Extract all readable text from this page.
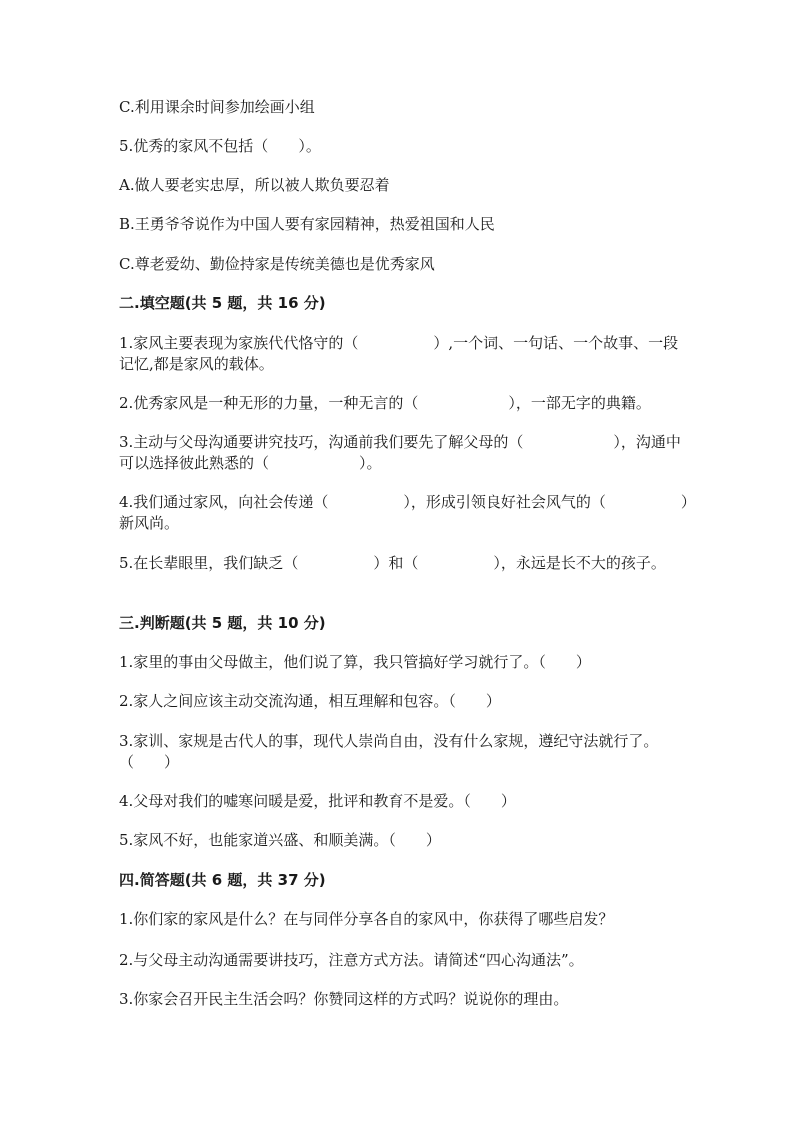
C.利用课余时间参加绘画小组
5.优秀的家风不包括（　　）。
A.做人要老实忠厚，所以被人欺负要忍着
B.王勇爷爷说作为中国人要有家园精神，热爱祖国和人民
C.尊老爱幼、勤俭持家是传统美德也是优秀家风
二.填空题(共 5 题，共 16 分)
1.家风主要表现为家族代代恪守的（　　　　　）,一个词、一句话、一个故事、一段记忆,都是家风的载体。
2.优秀家风是一种无形的力量，一种无言的（　　　　　　），一部无字的典籍。
3.主动与父母沟通要讲究技巧，沟通前我们要先了解父母的（　　　　　　），沟通中可以选择彼此熟悉的（　　　　　　）。
4.我们通过家风，向社会传递（　　　　　），形成引领良好社会风气的（　　　　　）新风尚。
5.在长辈眼里，我们缺乏（　　　　　）和（　　　　　），永远是长不大的孩子。
三.判断题(共 5 题，共 10 分)
1.家里的事由父母做主，他们说了算，我只管搞好学习就行了。（　　）
2.家人之间应该主动交流沟通，相互理解和包容。（　　）
3.家训、家规是古代人的事，现代人崇尚自由，没有什么家规，遵纪守法就行了。（　　）
4.父母对我们的嘘寒问暖是爱，批评和教育不是爱。（　　）
5.家风不好，也能家道兴盛、和顺美满。（　　）
四.简答题(共 6 题，共 37 分)
1.你们家的家风是什么？在与同伴分享各自的家风中，你获得了哪些启发？
2.与父母主动沟通需要讲技巧，注意方式方法。请简述“四心沟通法”。
3.你家会召开民主生活会吗？你赞同这样的方式吗？说说你的理由。
